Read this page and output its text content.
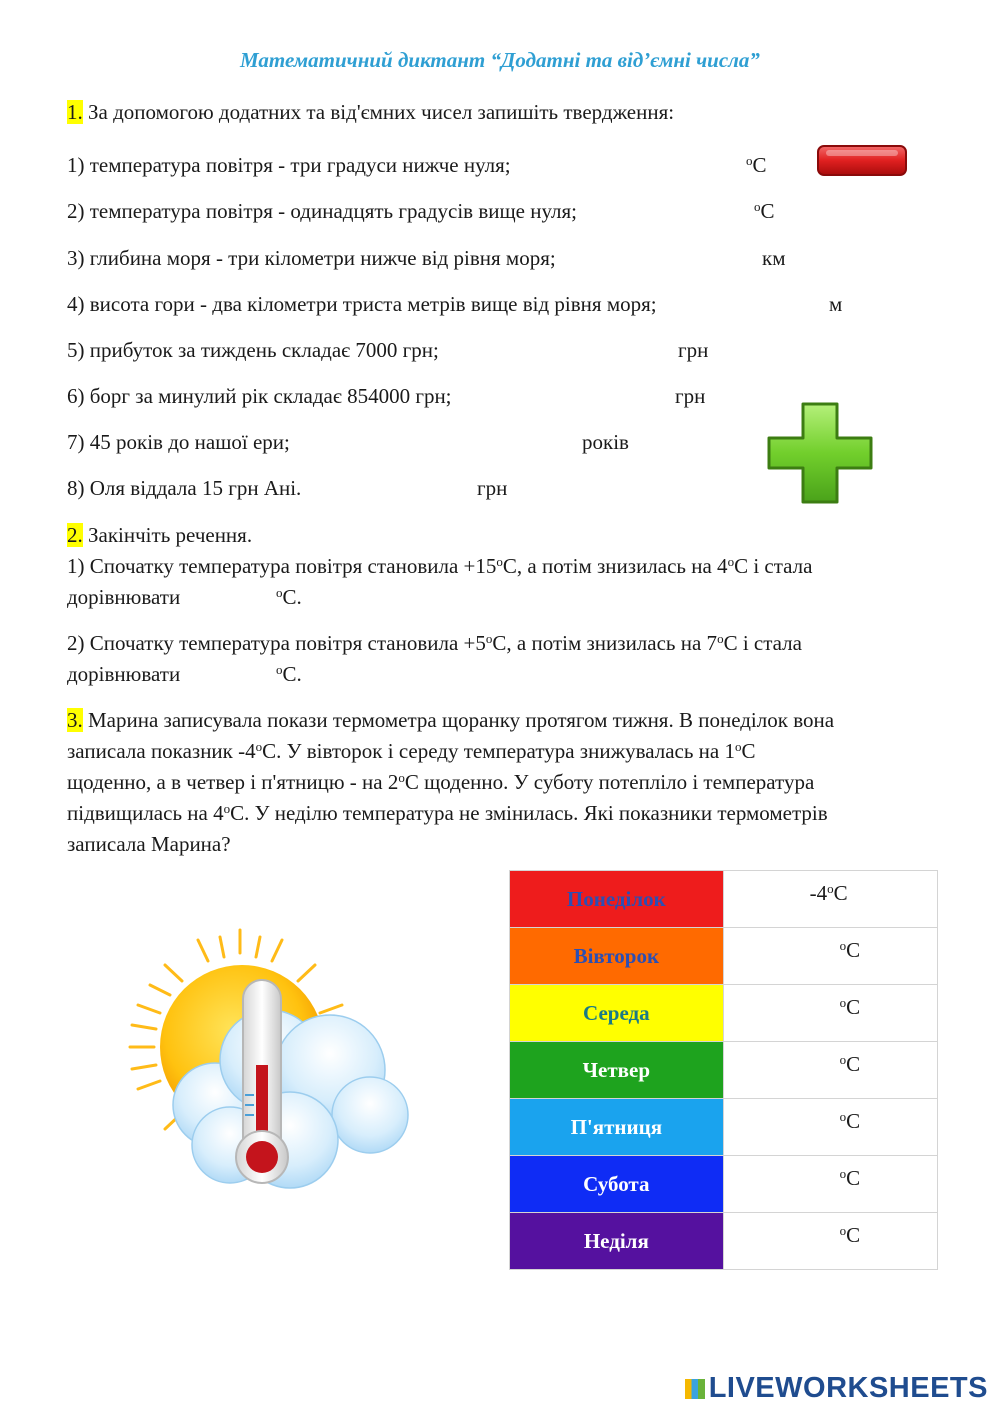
Математичний диктант “Додатні та від’ємні числа”
1. За допомогою додатних та від'ємних чисел запишіть твердження:
1) температура повітря - три градуси нижче нуля;	$^о$С
2) температура повітря - одинадцять градусів вище нуля;	$^о$С
3) глибина моря - три кілометри нижче від рівня моря;	км
4) висота гори - два кілометри триста метрів вище від рівня моря;	м
5) прибуток за тиждень складає 7000 грн;	грн
6) борг за минулий рік складає 854000 грн;	грн
7) 45 років до нашої ери;	років
8) Оля віддала 15 грн Ані.	грн
2. Закінчіть речення.
1) Спочатку температура повітря становила $+15^оС$, а потім знизилась на $4^оС$ і стала
дорівнювати	$^о$С.
2) Спочатку температура повітря становила $+5^оС$, а потім знизилась на $7^оС$ і стала
дорівнювати	$^о$С.
3. Марина записувала покази термометра щоранку протягом тижня. В понеділок вона
записала показник $-4^оС$. У вівторок і середу температура знижувалась на $1^оС$
щоденно, а в четвер і п'ятницю - на $2^оС$ щоденно. У суботу потеплілo і температура
підвищилась на $4^оС$. У неділю температура не змінилась. Які показники термометрів
записала Марина?
Понеділок	$-4^оС$

Вівторок	$^о$С

Середа	$^о$С

Четвер	$^о$С

П'ятниця	$^о$С

Субота	$^о$С

Неділя	$^о$С
LIVEWORKSHEETS
